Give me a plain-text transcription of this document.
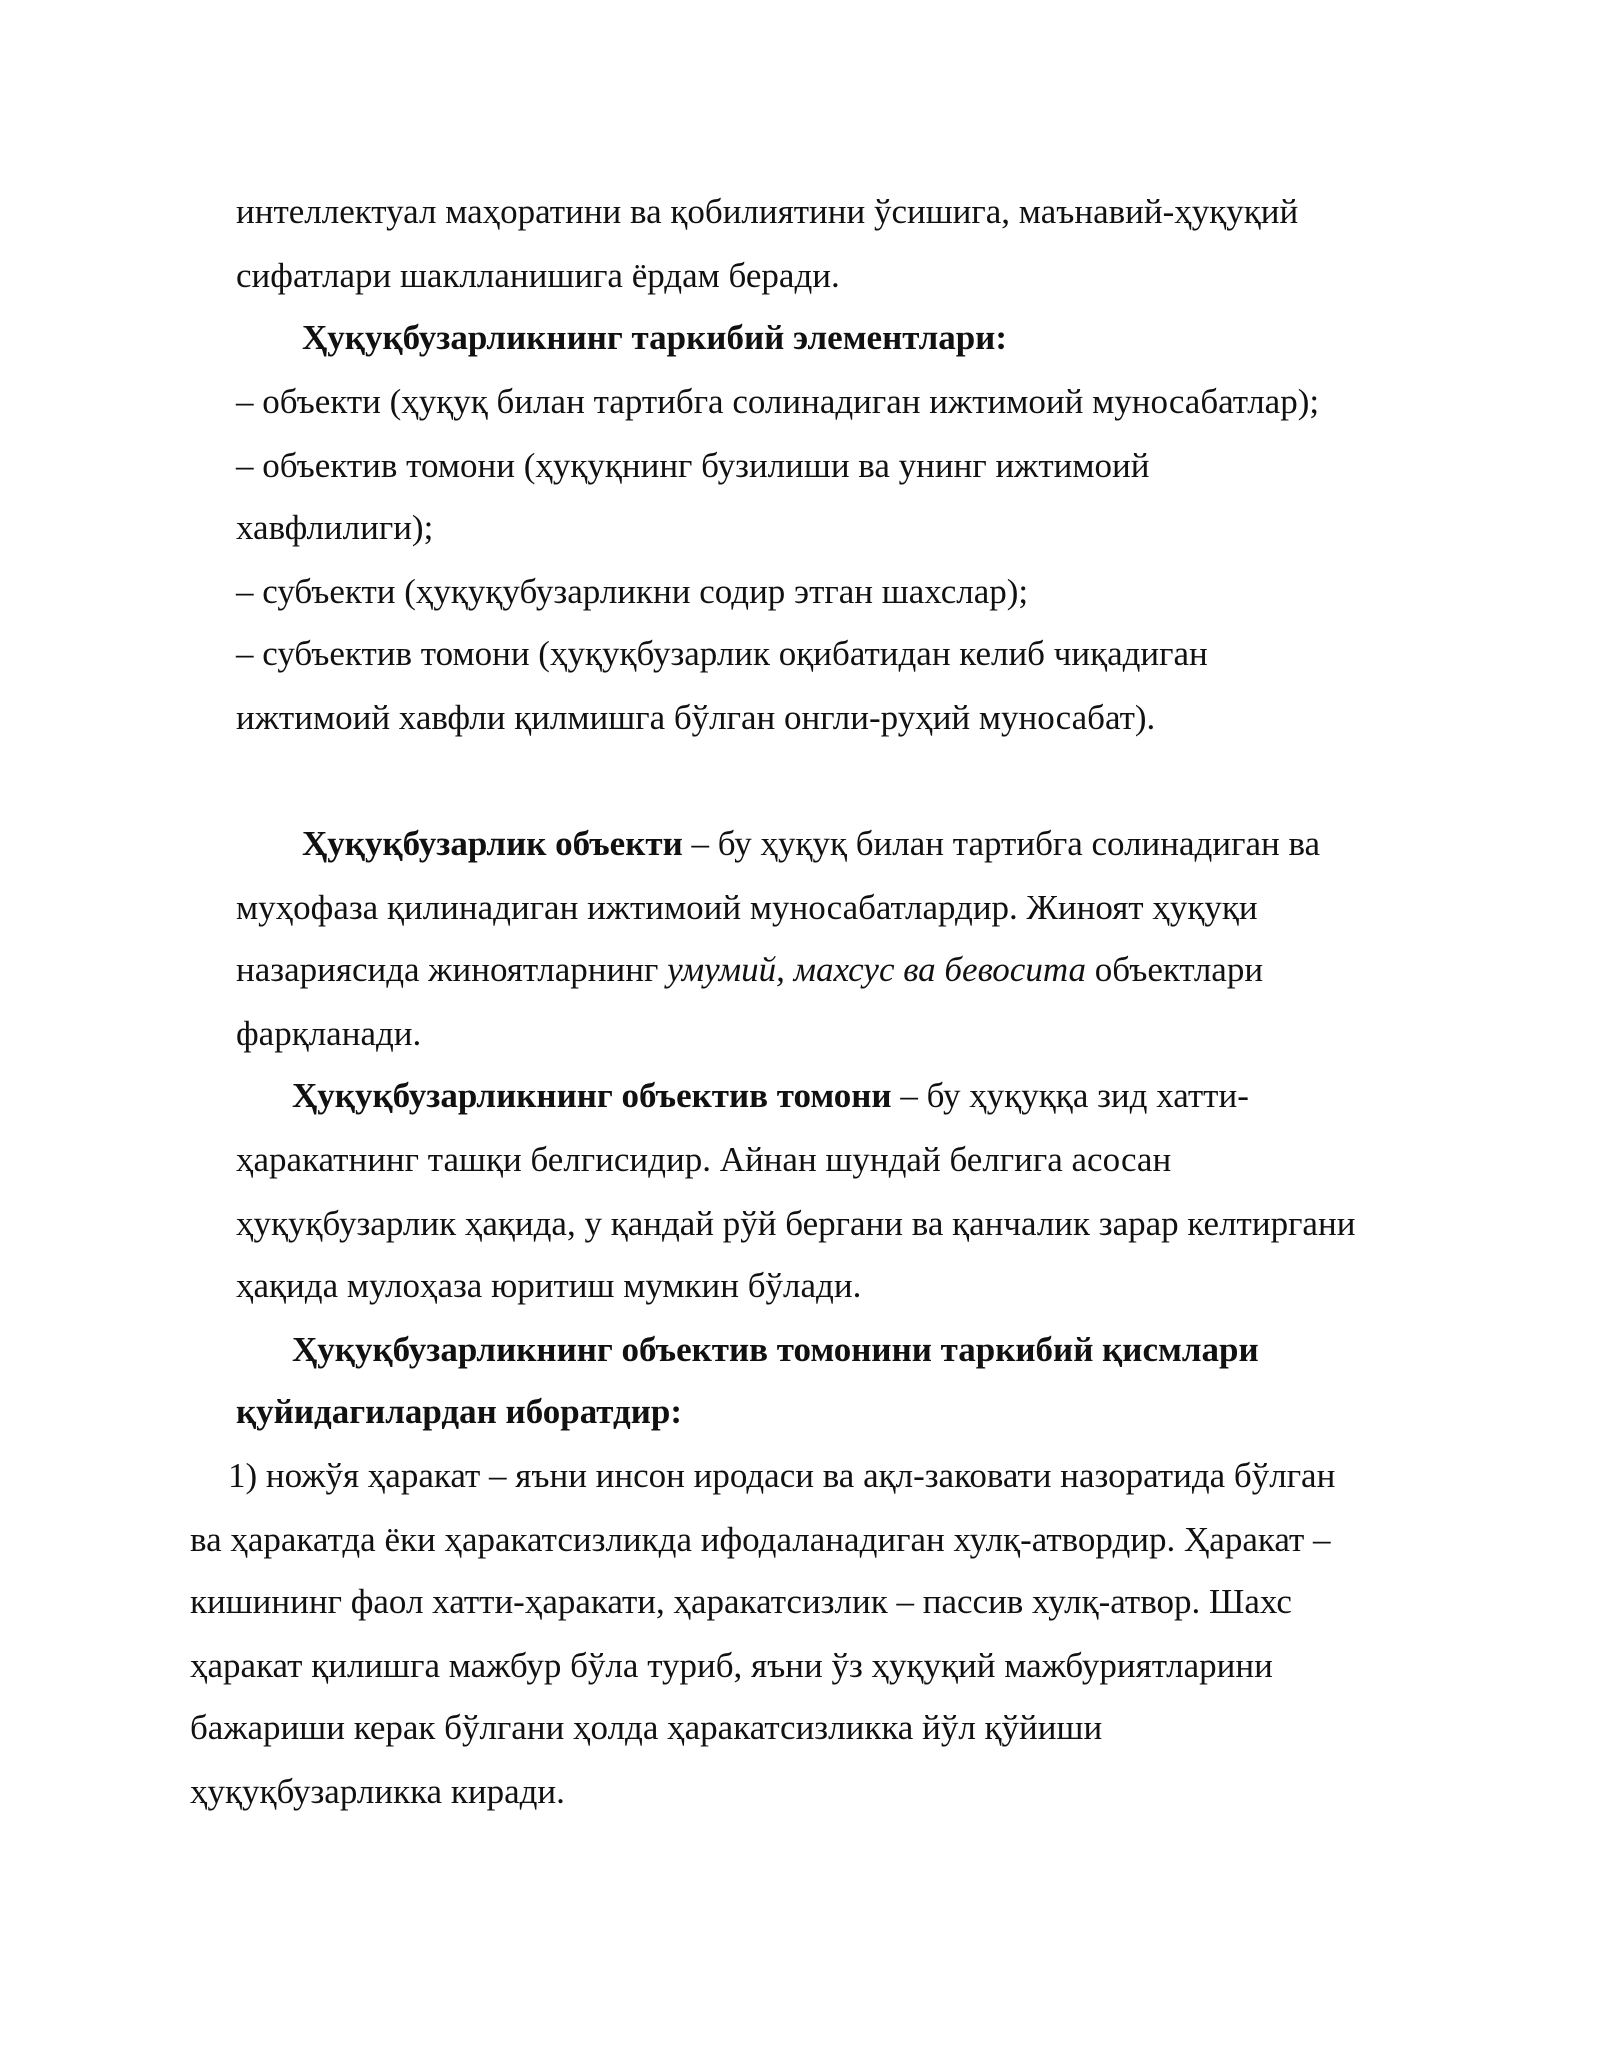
интеллектуал маҳоратини ва қобилиятини ўсишига, маънавий-ҳуқуқий
сифатлари шаклланишига ёрдам беради.
Ҳуқуқбузарликнинг таркибий элементлари:
– объекти (ҳуқуқ билан тартибга солинадиган ижтимоий муносабатлар);
– объектив томони (ҳуқуқнинг бузилиши ва унинг ижтимоий
хавфлилиги);
– субъекти (ҳуқуқубузарликни содир этган шахслар);
– субъектив томони (ҳуқуқбузарлик оқибатидан келиб чиқадиган
ижтимоий хавфли қилмишга бўлган онгли-руҳий муносабат).
Ҳуқуқбузарлик объекти – бу ҳуқуқ билан тартибга солинадиган ва
муҳофаза қилинадиган ижтимоий муносабатлардир. Жиноят ҳуқуқи
назариясида жиноятларнинг умумий, махсус ва бевосита объектлари
фарқланади.
Ҳуқуқбузарликнинг объектив томони – бу ҳуқуққа зид хатти-
ҳаракатнинг ташқи белгисидир. Айнан шундай белгига асосан
ҳуқуқбузарлик ҳақида, у қандай рўй бергани ва қанчалик зарар келтиргани
ҳақида мулоҳаза юритиш мумкин бўлади.
Ҳуқуқбузарликнинг объектив томонини таркибий қисмлари
қуйидагилардан иборатдир:
1) ножўя ҳаракат – яъни инсон иродаси ва ақл-заковати назоратида бўлган
ва ҳаракатда ёки ҳаракатсизликда ифодаланадиган хулқ-атвордир. Ҳаракат –
кишининг фаол хатти-ҳаракати, ҳаракатсизлик – пассив хулқ-атвор. Шахс
ҳаракат қилишга мажбур бўла туриб, яъни ўз ҳуқуқий мажбуриятларини
бажариши керак бўлгани ҳолда ҳаракатсизликка йўл қўйиши
ҳуқуқбузарликка киради.
